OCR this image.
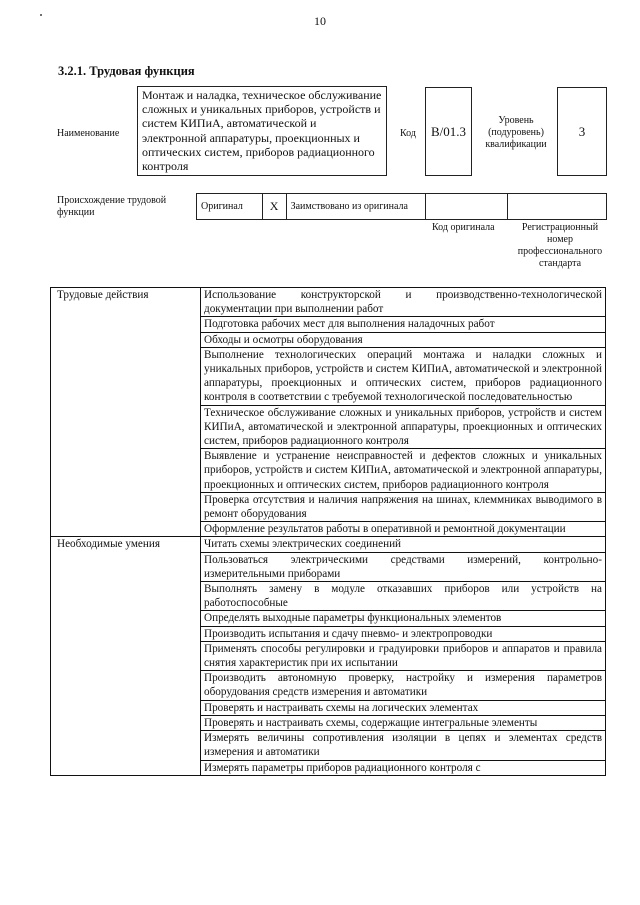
10
3.2.1. Трудовая функция
Наименование
Монтаж и наладка, техническое обслуживание сложных и уникальных приборов, устройств и систем КИПиА, автоматической и электронной аппаратуры, проекционных и оптических систем, приборов радиационного контроля
Код	B/01.3
Уровень (подуровень) квалификации
3
Происхождение трудовой функции
Оригинал	X	Заимствовано из оригинала
Код оригинала	Регистрационный номер профессионального стандарта
Трудовые действия	Использование конструкторской и производственно-технологической документации при выполнении работ
	Подготовка рабочих мест для выполнения наладочных работ
	Обходы и осмотры оборудования
	Выполнение технологических операций монтажа и наладки сложных и уникальных приборов, устройств и систем КИПиА, автоматической и электронной аппаратуры, проекционных и оптических систем, приборов радиационного контроля в соответствии с требуемой технологической последовательностью
	Техническое обслуживание сложных и уникальных приборов, устройств и систем КИПиА, автоматической и электронной аппаратуры, проекционных и оптических систем, приборов радиационного контроля
	Выявление и устранение неисправностей и дефектов сложных и уникальных приборов, устройств и систем КИПиА, автоматической и электронной аппаратуры, проекционных и оптических систем, приборов радиационного контроля
	Проверка отсутствия и наличия напряжения на шинах, клеммниках выводимого в ремонт оборудования
	Оформление результатов работы в оперативной и ремонтной документации
Необходимые умения	Читать схемы электрических соединений
	Пользоваться электрическими средствами измерений, контрольно-измерительными приборами
	Выполнять замену в модуле отказавших приборов или устройств на работоспособные
	Определять выходные параметры функциональных элементов
	Производить испытания и сдачу пневмо- и электропроводки
	Применять способы регулировки и градуировки приборов и аппаратов и правила снятия характеристик при их испытании
	Производить автономную проверку, настройку и измерения параметров оборудования средств измерения и автоматики
	Проверять и настраивать схемы на логических элементах
	Проверять и настраивать схемы, содержащие интегральные элементы
	Измерять величины сопротивления изоляции в цепях и элементах средств измерения и автоматики
	Измерять параметры приборов радиационного контроля с
